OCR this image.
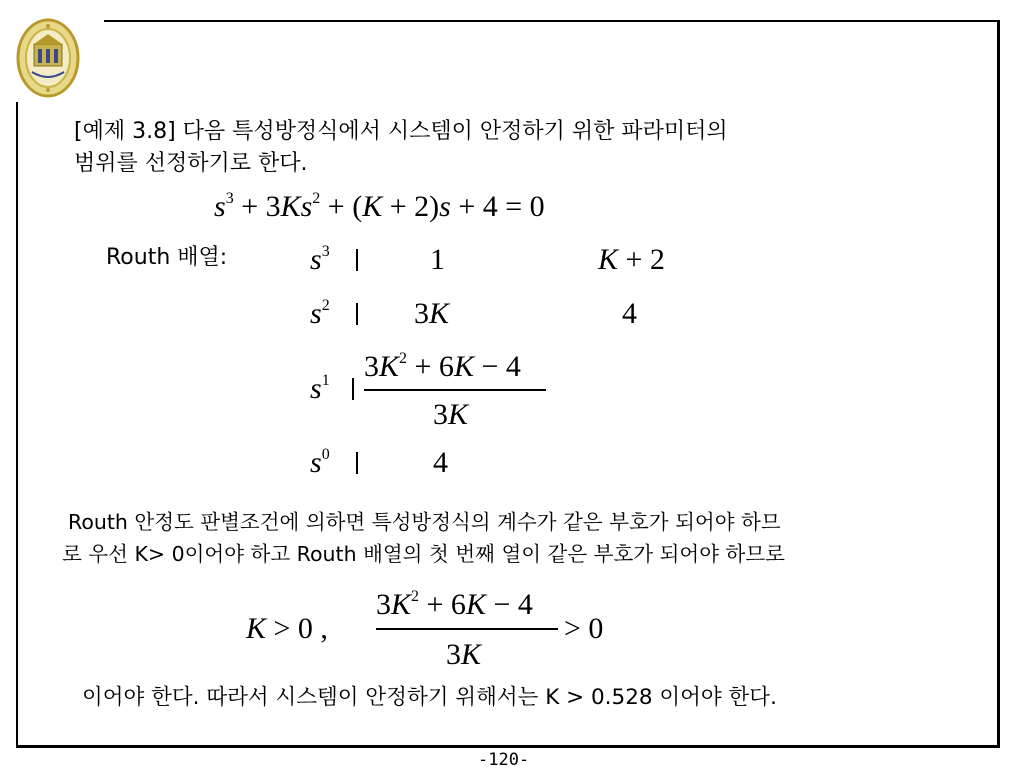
[예제 3.8] 다음 특성방정식에서 시스템이 안정하기 위한 파라미터의
범위를 선정하기로 한다.
$s^3 + 3Ks^2 + (K + 2)s + 4 = 0$
Routh 배열:	$s^3$	1	K + 2
$s^2$	3K	4
$s^1$ $3K^2 + 6K - 4$
3K
$s^0$	4
Routh 안정도 판별조건에 의하면 특성방정식의 계수가 같은 부호가 되어야 하므
로 우선 K> 0이어야 하고 Routh 배열의 첫 번째 열이 같은 부호가 되어야 하므로
K > 0 ,
$3K^2 + 6K - 4$
3K
> 0
이어야 한다. 따라서 시스템이 안정하기 위해서는 K > 0.528 이어야 한다.
-120-
